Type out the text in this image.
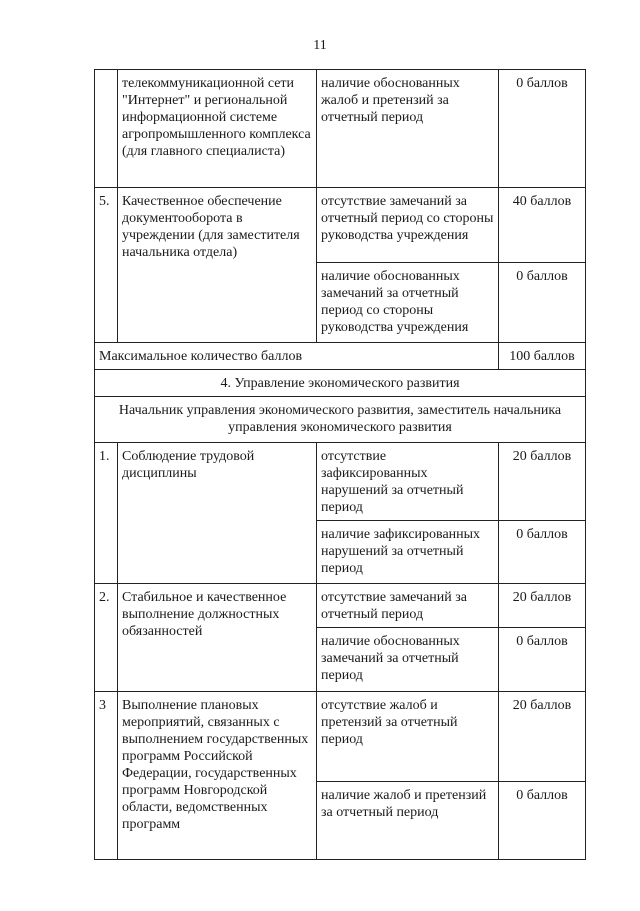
11
	телекоммуникационной сети "Интернет" и региональной информационной системе агропромышленного комплекса (для главного специалиста)	наличие обоснованных жалоб и претензий за отчетный период	0 баллов
5.	Качественное обеспечение документооборота в учреждении (для заместителя начальника отдела)	отсутствие замечаний за отчетный период со стороны руководства учреждения	40 баллов
		наличие обоснованных замечаний за отчетный период со стороны руководства учреждения	0 баллов
Максимальное количество баллов			100 баллов
4. Управление экономического развития			
Начальник управления экономического развития, заместитель начальника управления экономического развития			
1.	Соблюдение трудовой дисциплины	отсутствие зафиксированных нарушений за отчетный период	20 баллов
		наличие зафиксированных нарушений за отчетный период	0 баллов
2.	Стабильное и качественное выполнение должностных обязанностей	отсутствие замечаний за отчетный период	20 баллов
		наличие обоснованных замечаний за отчетный период	0 баллов
3	Выполнение плановых мероприятий, связанных с выполнением государственных программ Российской Федерации, государственных программ Новгородской области, ведомственных программ	отсутствие жалоб и претензий за отчетный период	20 баллов
		наличие жалоб и претензий за отчетный период	0 баллов
